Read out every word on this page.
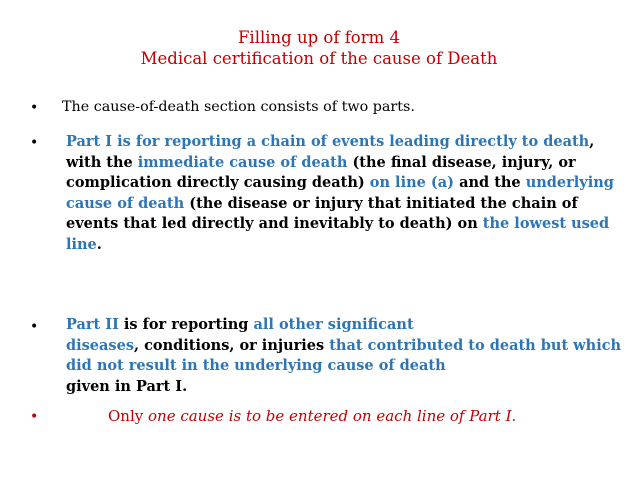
Filling up of form 4
Medical certification of the cause of Death
• The cause-of-death section consists of two parts.
• Part I is for reporting a chain of events leading directly to death, with the immediate cause of death (the final disease, injury, or complication directly causing death) on line (a) and the underlying cause of death (the disease or injury that initiated the chain of events that led directly and inevitably to death) on the lowest used line.
• Part II is for reporting all other significant
diseases, conditions, or injuries that contributed to death but which did not result in the underlying cause of death
given in Part I.
•	Only one cause is to be entered on each line of Part I.
